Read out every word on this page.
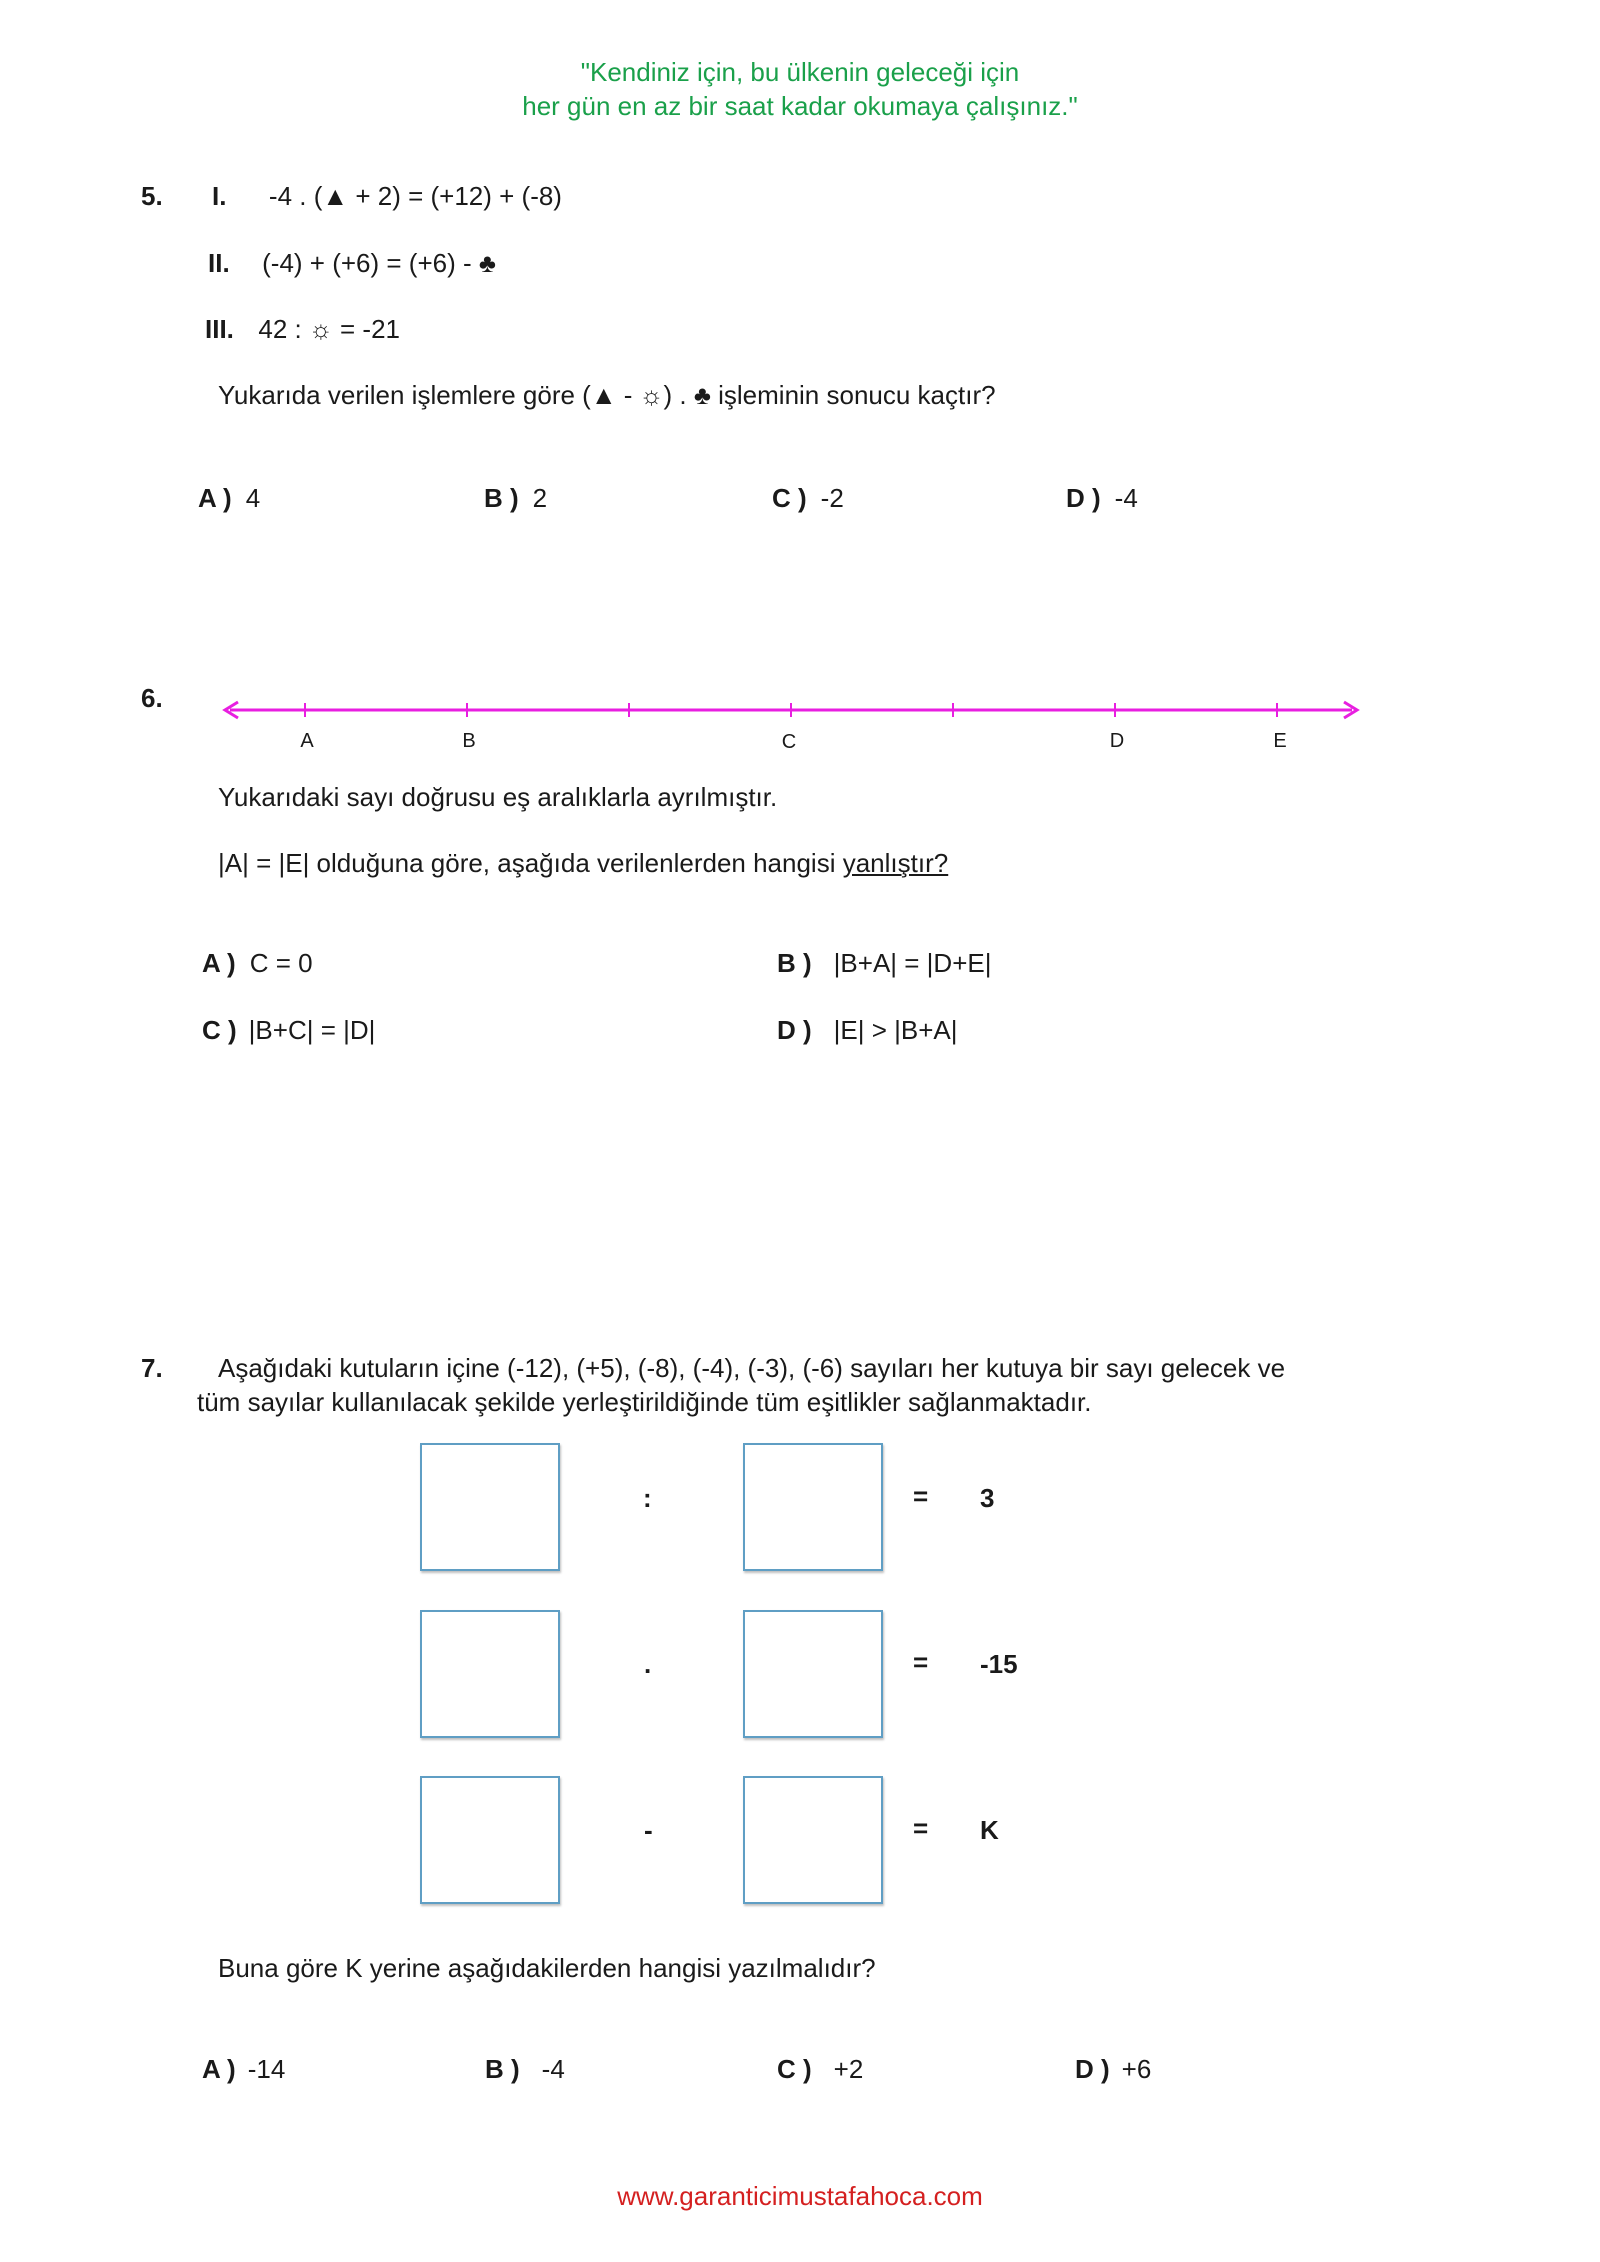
"Kendiniz için, bu ülkenin geleceği için
her gün en az bir saat kadar okumaya çalışınız."
5. I. -4 . (▲ + 2) = (+12) + (-8)
II. (-4) + (+6) = (+6) - ♣
III. 42 : ☼ = -21
Yukarıda verilen işlemlere göre (▲ - ☼) . ♣ işleminin sonucu kaçtır?
A ) 4	B ) 2	C ) -2	D ) -4
6.
A	B	C	D	E
Yukarıdaki sayı doğrusu eş aralıklarla ayrılmıştır.
|A| = |E| olduğuna göre, aşağıda verilenlerden hangisi yanlıştır?
A ) C = 0	B ) |B+A| = |D+E|
C ) |B+C| = |D|	D ) |E| > |B+A|
7. Aşağıdaki kutuların içine (-12), (+5), (-8), (-4), (-3), (-6) sayıları her kutuya bir sayı gelecek ve
tüm sayılar kullanılacak şekilde yerleştirildiğinde tüm eşitlikler sağlanmaktadır.
:	= 3
.	= -15
-	= K
Buna göre K yerine aşağıdakilerden hangisi yazılmalıdır?
A ) -14	B ) -4	C ) +2	D ) +6
www.garanticimustafahoca.com
